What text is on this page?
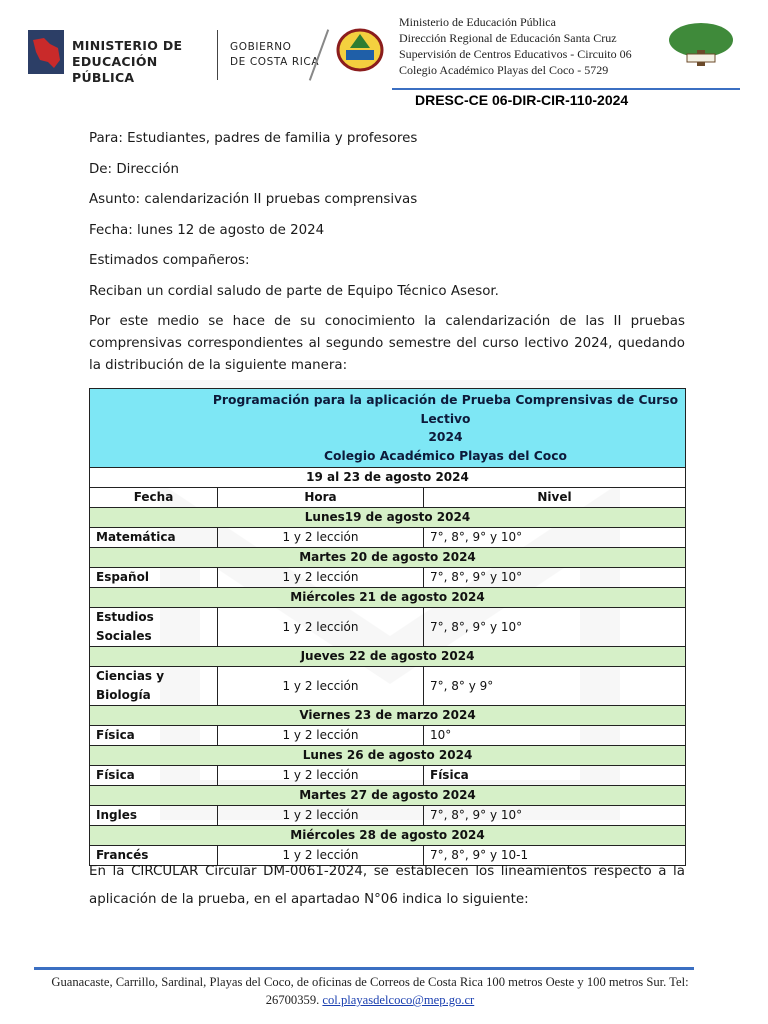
MINISTERIO DE
EDUCACIÓN PÚBLICA
GOBIERNO
DE COSTA RICA
Ministerio de Educación Pública
Dirección Regional de Educación Santa Cruz
Supervisión de Centros Educativos - Circuito 06
Colegio Académico Playas del Coco - 5729
DRESC-CE 06-DIR-CIR-110-2024

Para: Estudiantes, padres de familia y profesores

De: Dirección

Asunto: calendarización II pruebas comprensivas

Fecha: lunes 12 de agosto de 2024

Estimados compañeros:

Reciban un cordial saludo de parte de Equipo Técnico Asesor.

Por este medio se hace de su conocimiento la calendarización de las II pruebas comprensivas correspondientes al segundo semestre del curso lectivo 2024, quedando la distribución de la siguiente manera:

Programación para la aplicación de Prueba Comprensivas de Curso Lectivo
2024
Colegio Académico Playas del Coco		

19 al 23 de agosto 2024		
Fecha	Hora	Nivel
Lunes19 de agosto 2024		
Matemática	1 y 2 lección	7°, 8°, 9° y 10°
Martes 20 de agosto 2024		
Español	1 y 2 lección	7°, 8°, 9° y 10°
Miércoles 21 de agosto 2024		
Estudios Sociales	1 y 2 lección	7°, 8°, 9° y 10°
Jueves 22 de agosto 2024		
Ciencias y Biología	1 y 2 lección	7°, 8° y 9°
Viernes 23 de marzo 2024		
Física	1 y 2 lección	10°
Lunes 26 de agosto 2024		
Física	1 y 2 lección	Física
Martes 27 de agosto 2024		
Ingles	1 y 2 lección	7°, 8°, 9° y 10°
Miércoles 28 de agosto 2024		
Francés	1 y 2 lección	7°, 8°, 9° y 10-1
En la CIRCULAR Circular DM-0061-2024, se establecen los lineamientos respecto a la aplicación de la prueba, en el apartadao N°06 indica lo siguiente:
Guanacaste, Carrillo, Sardinal, Playas del Coco, de oficinas de Correos de Costa Rica 100 metros Oeste y 100 metros Sur. Tel: 26700359. col.playasdelcoco@mep.go.cr
